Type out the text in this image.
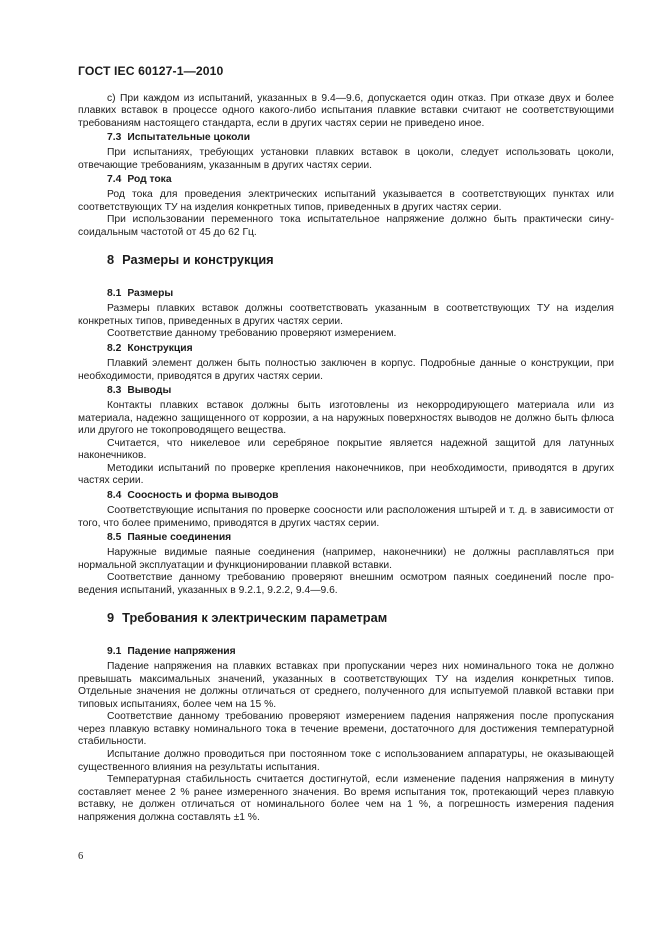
ГОСТ IEC 60127-1—2010

с) При каждом из испытаний, указанных в 9.4—9.6, допускается один отказ. При отказе двух и более плавких вставок в процессе одного какого-либо испытания плавкие вставки считают не соответствующими требованиям настоящего стандарта, если в других частях серии не приведено иное.

7.3 Испытательные цоколи

При испытаниях, требующих установки плавких вставок в цоколи, следует использовать цоколи, отвечающие требованиям, указанным в других частях серии.

7.4 Род тока

Род тока для проведения электрических испытаний указывается в соответствующих пунктах или соответствующих ТУ на изделия конкретных типов, приведенных в других частях серии.

При использовании переменного тока испытательное напряжение должно быть практически синусоидальным частотой от 45 до 62 Гц.

8 Размеры и конструкция
8.1 Размеры

Размеры плавких вставок должны соответствовать указанным в соответствующих ТУ на изделия конкретных типов, приведенных в других частях серии.

Соответствие данному требованию проверяют измерением.

8.2 Конструкция

Плавкий элемент должен быть полностью заключен в корпус. Подробные данные о конструкции, при необходимости, приводятся в других частях серии.

8.3 Выводы

Контакты плавких вставок должны быть изготовлены из некорродирующего материала или из материала, надежно защищенного от коррозии, а на наружных поверхностях выводов не должно быть флюса или другого не токопроводящего вещества.

Считается, что никелевое или серебряное покрытие является надежной защитой для латунных наконечников.

Методики испытаний по проверке крепления наконечников, при необходимости, приводятся в других частях серии.

8.4 Соосность и форма выводов

Соответствующие испытания по проверке соосности или расположения штырей и т. д. в зависимости от того, что более применимо, приводятся в других частях серии.

8.5 Паяные соединения

Наружные видимые паяные соединения (например, наконечники) не должны расплавляться при нормальной эксплуатации и функционировании плавкой вставки.

Соответствие данному требованию проверяют внешним осмотром паяных соединений после проведения испытаний, указанных в 9.2.1, 9.2.2, 9.4—9.6.

9 Требования к электрическим параметрам
9.1 Падение напряжения

Падение напряжения на плавких вставках при пропускании через них номинального тока не должно превышать максимальных значений, указанных в соответствующих ТУ на изделия конкретных типов. Отдельные значения не должны отличаться от среднего, полученного для испытуемой плавкой вставки при типовых испытаниях, более чем на 15 %.

Соответствие данному требованию проверяют измерением падения напряжения после пропускания через плавкую вставку номинального тока в течение времени, достаточного для достижения температурной стабильности.

Испытание должно проводиться при постоянном токе с использованием аппаратуры, не оказывающей существенного влияния на результаты испытания.

Температурная стабильность считается достигнутой, если изменение падения напряжения в минуту составляет менее 2 % ранее измеренного значения. Во время испытания ток, протекающий через плавкую вставку, не должен отличаться от номинального более чем на 1 %, а погрешность измерения падения напряжения должна составлять ±1 %.

6
